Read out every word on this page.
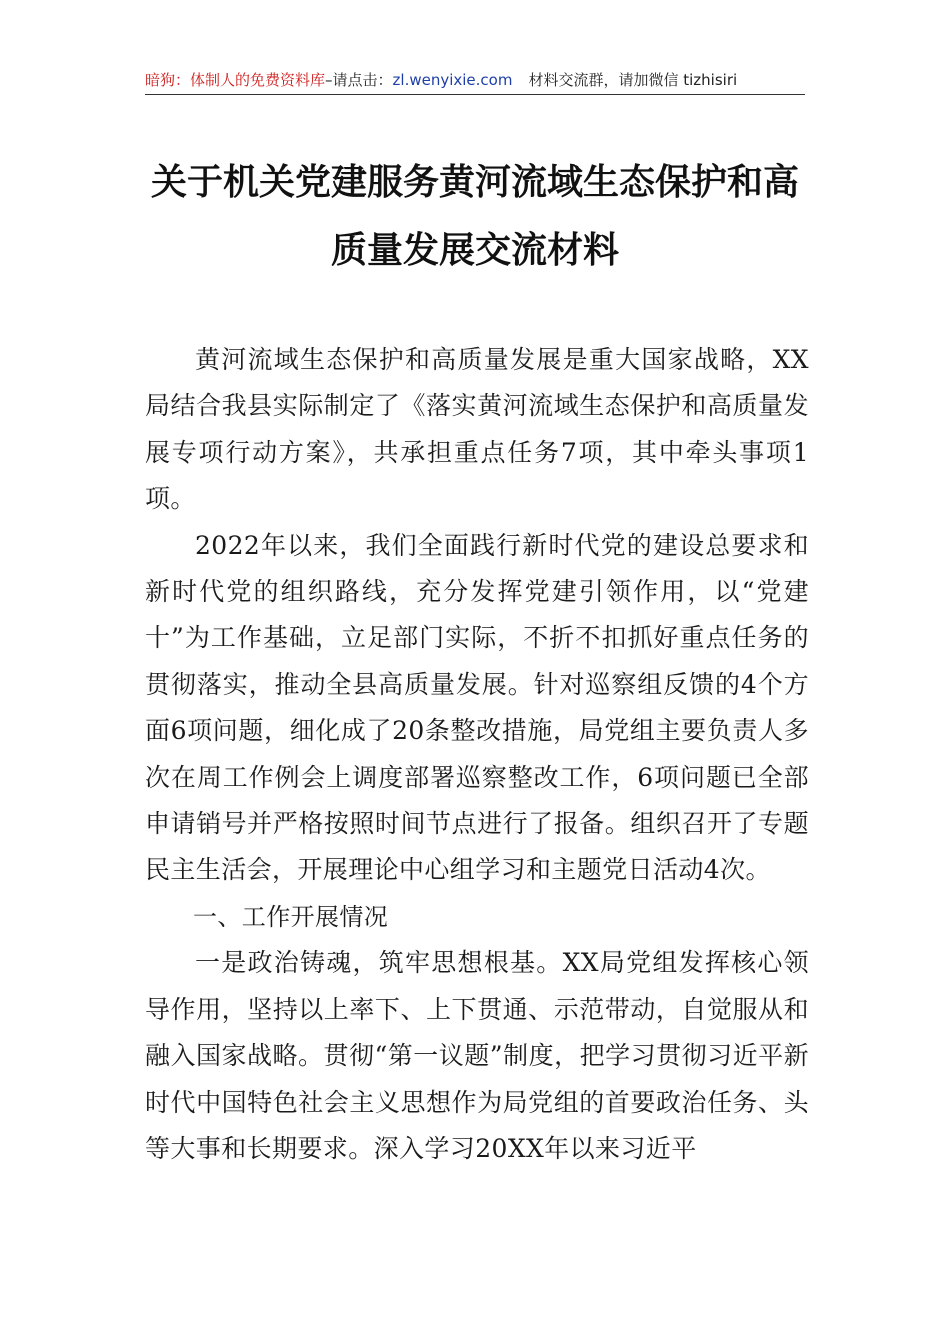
暗狗：体制人的免费资料库–请点击：zl.wenyixie.com 材料交流群，请加微信 tizhisiri
关于机关党建服务黄河流域生态保护和高
质量发展交流材料

黄河流域生态保护和高质量发展是重大国家战略，XX局结合我县实际制定了《落实黄河流域生态保护和高质量发展专项行动方案》，共承担重点任务7项，其中牵头事项1项。

2022年以来，我们全面践行新时代党的建设总要求和新时代党的组织路线，充分发挥党建引领作用，以“党建十”为工作基础，立足部门实际，不折不扣抓好重点任务的贯彻落实，推动全县高质量发展。针对巡察组反馈的4个方面6项问题，细化成了20条整改措施，局党组主要负责人多次在周工作例会上调度部署巡察整改工作，6项问题已全部申请销号并严格按照时间节点进行了报备。组织召开了专题民主生活会，开展理论中心组学习和主题党日活动4次。

一、工作开展情况

一是政治铸魂，筑牢思想根基。XX局党组发挥核心领导作用，坚持以上率下、上下贯通、示范带动，自觉服从和融入国家战略。贯彻“第一议题”制度，把学习贯彻习近平新时代中国特色社会主义思想作为局党组的首要政治任务、头等大事和长期要求。深入学习20XX年以来习近平
